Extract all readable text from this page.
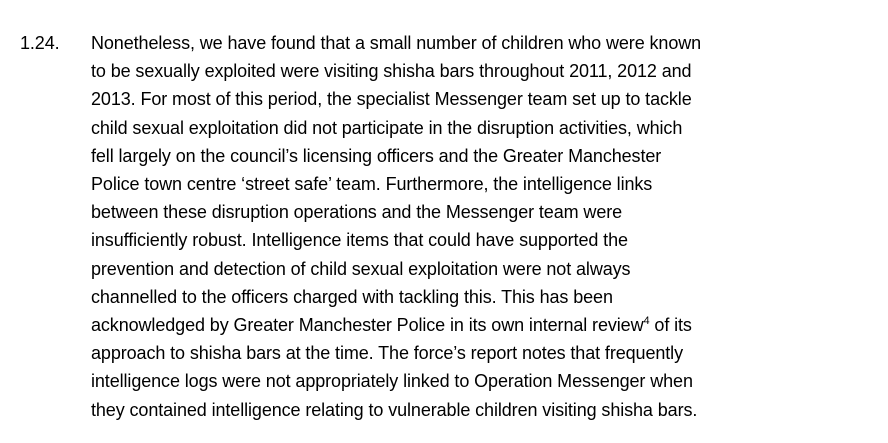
1.24. Nonetheless, we have found that a small number of children who were known
to be sexually exploited were visiting shisha bars throughout 2011, 2012 and
2013. For most of this period, the specialist Messenger team set up to tackle
child sexual exploitation did not participate in the disruption activities, which
fell largely on the council’s licensing officers and the Greater Manchester
Police town centre ‘street safe’ team. Furthermore, the intelligence links
between these disruption operations and the Messenger team were
insufficiently robust. Intelligence items that could have supported the
prevention and detection of child sexual exploitation were not always
channelled to the officers charged with tackling this. This has been
acknowledged by Greater Manchester Police in its own internal review$^4$ of its
approach to shisha bars at the time. The force’s report notes that frequently
intelligence logs were not appropriately linked to Operation Messenger when
they contained intelligence relating to vulnerable children visiting shisha bars.
